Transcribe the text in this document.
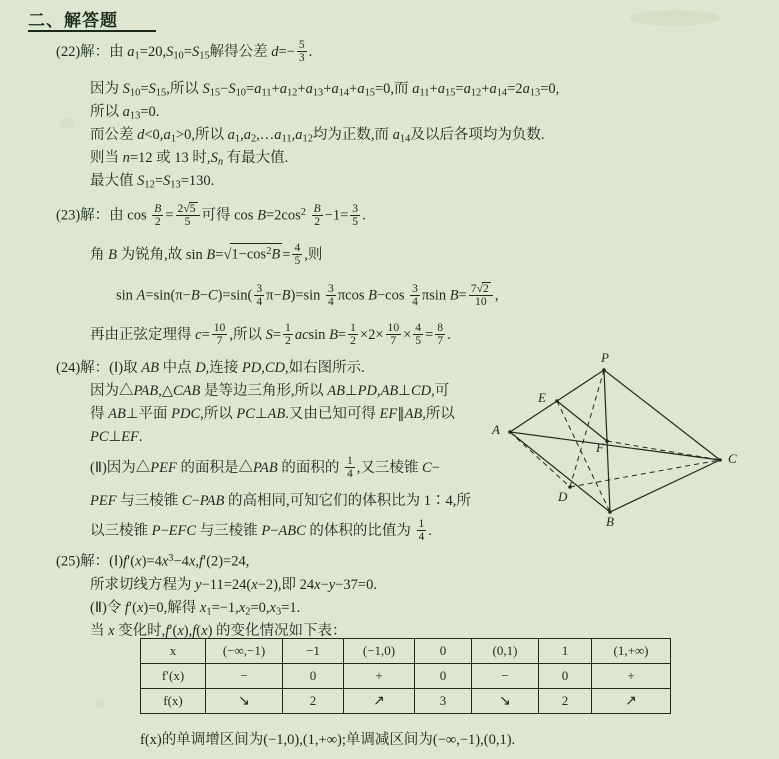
二、解答题
(22)解：由 $a_1=20,S_{10}=S_{15}$解得公差 $d=- \frac{5}{3}$ .
因为 $S_{10}=S_{15}$,所以 $S_{15}-S_{10}=a_{11}+a_{12}+a_{13}+a_{14}+a_{15}=0$,而 $a_{11}+a_{15}=a_{12}+a_{14}=2a_{13}=0$,
所以 $a_{13}=0$.
而公差 $d<0,a_1>0$,所以 $a_1,a_2,\dots a_{11},a_{12}$均为正数,而 $a_{14}$及以后各项均为负数.
则当 n=12 或 13 时$,S_n$ 有最大值.
最大值 $S_{12}=S_{13}=130$.
(23)解：由 $\cos \frac{B}{2} = \frac{2√5}{5}$ 可得 $\cos B=2\cos^2 \frac{B}{2} -1= \frac{3}{5}$ .
角 B 为锐角,故 $\sin B=√1-\cos^2B = \frac{4}{5}$ ,则
$\sin A=\sin(\pi-B-C)=\sin( \frac{3}{4} \pi-B)=\sin \frac{3}{4}$ πcos $B-\cos \frac{3}{4}$ πsin $B= \frac{7√2}{10}$ ,
再由正弦定理得 $c= \frac{10}{7}$ ,所以 $S= \frac{1}{2}$ acsin $B= \frac{1}{2} \times 2\times \frac{10}{7} \times \frac{4}{5} = \frac{8}{7}$ .
(24)解：(Ⅰ)取 AB 中点 D,连接 PD,CD,如右图所示.
因为△PAB,△CAB 是等边三角形,所以 AB⊥PD,AB⊥CD,可
得 AB⊥平面 PDC,所以 PC⊥AB.又由已知可得 EF∥AB,所以
PC⊥EF.
(Ⅱ)因为△PEF 的面积是△PAB 的面积的 $\frac{1}{4}$ ,又三棱锥 C−
PEF 与三棱锥 C−PAB 的高相同,可知它们的体积比为 1∶4,所
以三棱锥 P−EFC 与三棱锥 P−ABC 的体积的比值为 $\frac{1}{4}$ .
P
E
F
A
C
D
B
(25)解：$(Ⅰ)f'(x)=4x^3-4x,f'(2)=24$,
所求切线方程为 y−11=24(x−2),即 24x−y−37=0.
(Ⅱ)令 f′(x)=0,解得 $x_1=-1,x_2=0,x_3=1$.
当 x 变化时,f′(x),f(x) 的变化情况如下表：
x	(−∞,−1)	−1	(−1,0)	0	(0,1)	1	(1,+∞)
f′(x)	−	0	+	0	−	0	+
f(x)	↘	2	↗	3	↘	2	↗
f(x)的单调增区间为(−1,0),(1,+∞);单调减区间为(−∞,−1),(0,1).
